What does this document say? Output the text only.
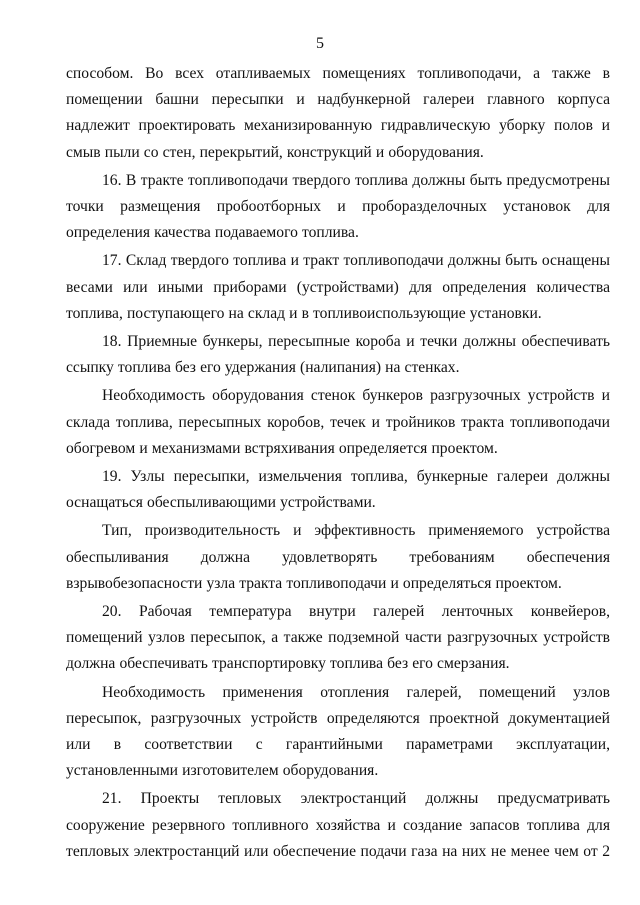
5

способом. Во всех отапливаемых помещениях топливоподачи, а также в помещении башни пересыпки и надбункерной галереи главного корпуса надлежит проектировать механизированную гидравлическую уборку полов и смыв пыли со стен, перекрытий, конструкций и оборудования.

16. В тракте топливоподачи твердого топлива должны быть предусмотрены точки размещения пробоотборных и проборазделочных установок для определения качества подаваемого топлива.

17. Склад твердого топлива и тракт топливоподачи должны быть оснащены весами или иными приборами (устройствами) для определения количества топлива, поступающего на склад и в топливоиспользующие установки.

18. Приемные бункеры, пересыпные короба и течки должны обеспечивать ссыпку топлива без его удержания (налипания) на стенках.

Необходимость оборудования стенок бункеров разгрузочных устройств и склада топлива, пересыпных коробов, течек и тройников тракта топливоподачи обогревом и механизмами встряхивания определяется проектом.

19. Узлы пересыпки, измельчения топлива, бункерные галереи должны оснащаться обеспыливающими устройствами.

Тип, производительность и эффективность применяемого устройства обеспыливания должна удовлетворять требованиям обеспечения взрывобезопасности узла тракта топливоподачи и определяться проектом.

20. Рабочая температура внутри галерей ленточных конвейеров, помещений узлов пересыпок, а также подземной части разгрузочных устройств должна обеспечивать транспортировку топлива без его смерзания.

Необходимость применения отопления галерей, помещений узлов пересыпок, разгрузочных устройств определяются проектной документацией или в соответствии с гарантийными параметрами эксплуатации, установленными изготовителем оборудования.

21. Проекты тепловых электростанций должны предусматривать сооружение резервного топливного хозяйства и создание запасов топлива для тепловых электростанций или обеспечение подачи газа на них не менее чем от 2
